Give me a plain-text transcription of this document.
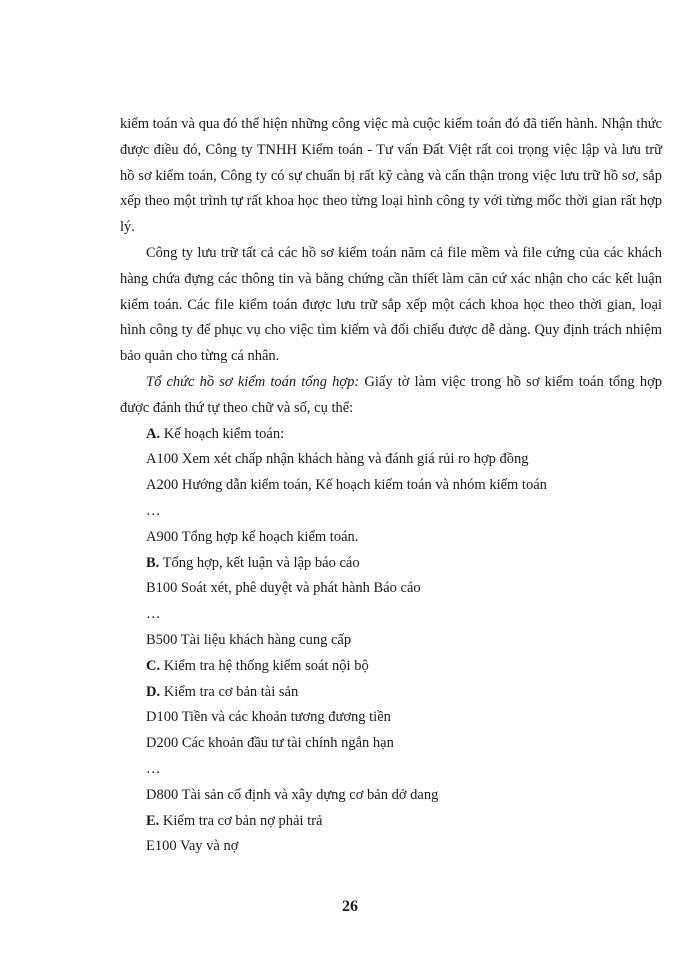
kiểm toán và qua đó thể hiện những công việc mà cuộc kiểm toán đó đã tiến hành. Nhận thức được điều đó, Công ty TNHH Kiểm toán - Tư vấn Đất Việt rất coi trọng việc lập và lưu trữ hồ sơ kiểm toán, Công ty có sự chuẩn bị rất kỹ càng và cẩn thận trong việc lưu trữ hồ sơ, sắp xếp theo một trình tự rất khoa học theo từng loại hình công ty với từng mốc thời gian rất hợp lý.

Công ty lưu trữ tất cả các hồ sơ kiểm toán năm cả file mềm và file cứng của các khách hàng chứa đựng các thông tin và bằng chứng cần thiết làm căn cứ xác nhận cho các kết luận kiểm toán. Các file kiểm toán được lưu trữ sắp xếp một cách khoa học theo thời gian, loại hình công ty để phục vụ cho việc tìm kiếm và đối chiếu được dễ dàng. Quy định trách nhiệm bảo quản cho từng cá nhân.

Tổ chức hồ sơ kiểm toán tổng hợp: Giấy tờ làm việc trong hồ sơ kiểm toán tổng hợp được đánh thứ tự theo chữ và số, cụ thể:

A. Kế hoạch kiểm toán:
A100 Xem xét chấp nhận khách hàng và đánh giá rủi ro hợp đồng
A200 Hướng dẫn kiểm toán, Kế hoạch kiểm toán và nhóm kiểm toán
…
A900 Tổng hợp kế hoạch kiểm toán.
B. Tổng hợp, kết luận và lập báo cáo
B100 Soát xét, phê duyệt và phát hành Báo cáo
…
B500 Tài liệu khách hàng cung cấp
C. Kiểm tra hệ thống kiểm soát nội bộ
D. Kiểm tra cơ bản tài sản
D100 Tiền và các khoản tương đương tiền
D200 Các khoản đầu tư tài chính ngắn hạn
…
D800 Tài sản cố định và xây dựng cơ bản dở dang
E. Kiểm tra cơ bản nợ phải trả
E100 Vay và nợ
26
